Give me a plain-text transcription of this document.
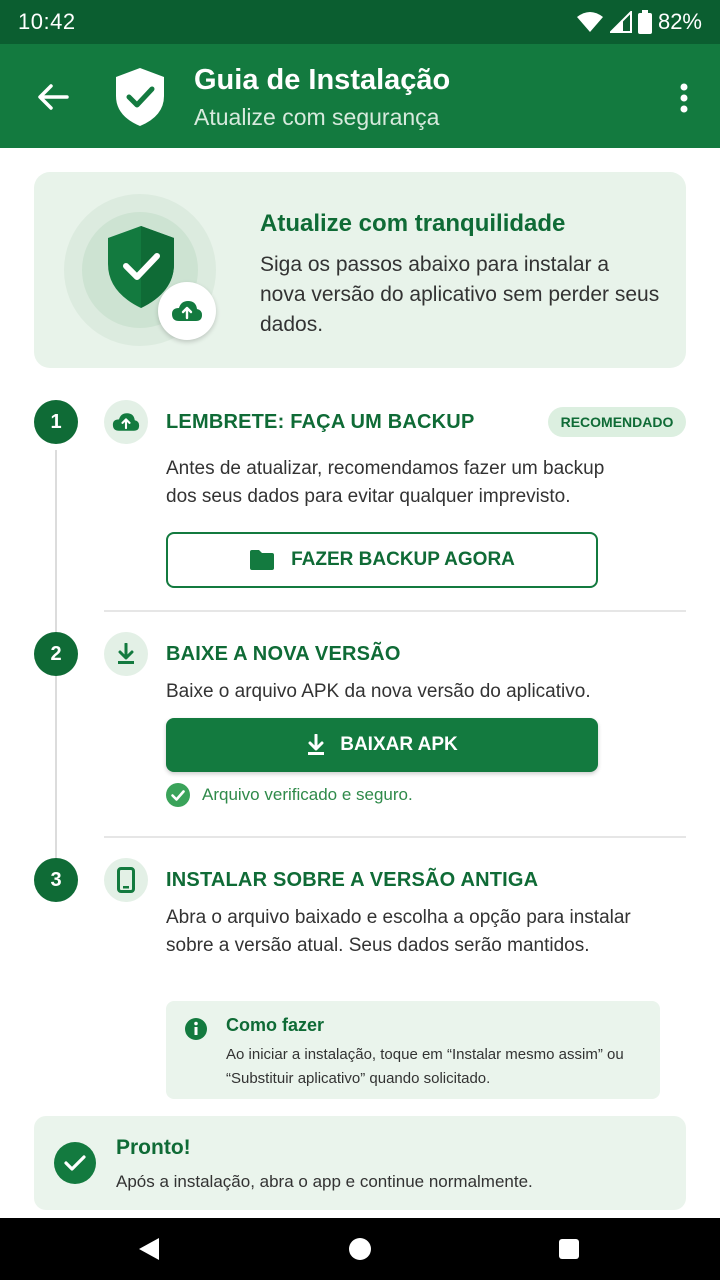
10:42	82%
Guia de Instalação
Atualize com segurança
Atualize com tranquilidade
Siga os passos abaixo para instalar a nova versão do aplicativo sem perder seus dados.
1	LEMBRETE: FAÇA UM BACKUP	RECOMENDADO
Antes de atualizar, recomendamos fazer um backup dos seus dados para evitar qualquer imprevisto.
FAZER BACKUP AGORA
2	BAIXE A NOVA VERSÃO
Baixe o arquivo APK da nova versão do aplicativo.
BAIXAR APK
Arquivo verificado e seguro.
3	INSTALAR SOBRE A VERSÃO ANTIGA
Abra o arquivo baixado e escolha a opção para instalar sobre a versão atual. Seus dados serão mantidos.
Como fazer
Ao iniciar a instalação, toque em “Instalar mesmo assim” ou “Substituir aplicativo” quando solicitado.
Pronto!
Após a instalação, abra o app e continue normalmente.
